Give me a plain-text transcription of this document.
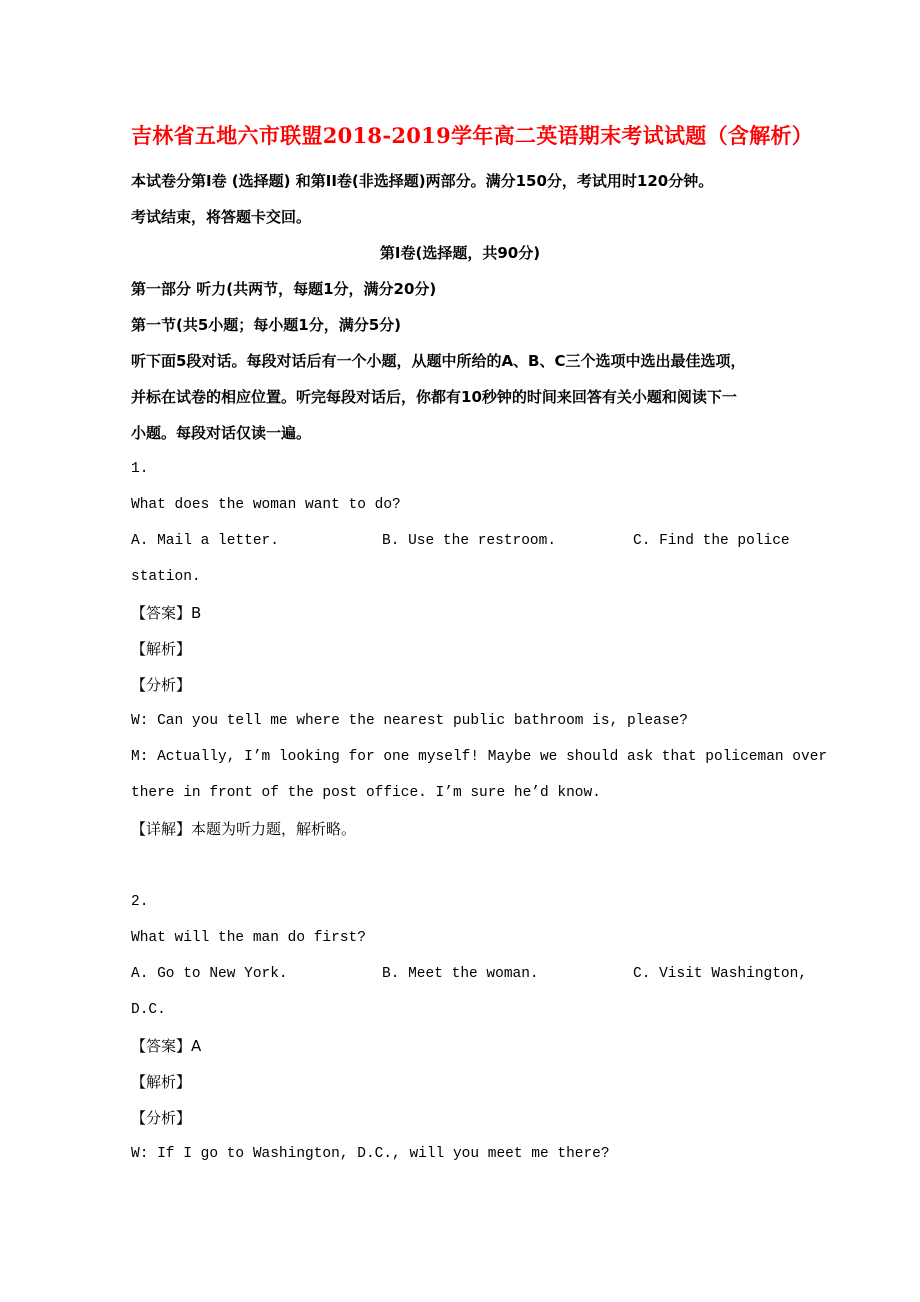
吉林省五地六市联盟2018-2019学年高二英语期末考试试题（含解析）
本试卷分第Ⅰ卷 (选择题) 和第II卷(非选择题)两部分。满分150分，考试用时120分钟。
考试结束，将答题卡交回。
第Ⅰ卷(选择题，共90分)
第一部分 听力(共两节，每题1分，满分20分)
第一节(共5小题；每小题1分，满分5分)
听下面5段对话。每段对话后有一个小题，从题中所给的A、B、C三个选项中选出最佳选项，
并标在试卷的相应位置。听完每段对话后，你都有10秒钟的时间来回答有关小题和阅读下一
小题。每段对话仅读一遍。
1.
What does the woman want to do?
A. Mail a letter.	B. Use the restroom.	C. Find the police
station.
【答案】B
【解析】
【分析】
W: Can you tell me where the nearest public bathroom is, please?
M: Actually, I’m looking for one myself! Maybe we should ask that policeman over
there in front of the post office. I’m sure he’d know.
【详解】本题为听力题，解析略。
2.
What will the man do first?
A. Go to New York.	B. Meet the woman.	C. Visit Washington,
D.C.
【答案】A
【解析】
【分析】
W: If I go to Washington, D.C., will you meet me there?
